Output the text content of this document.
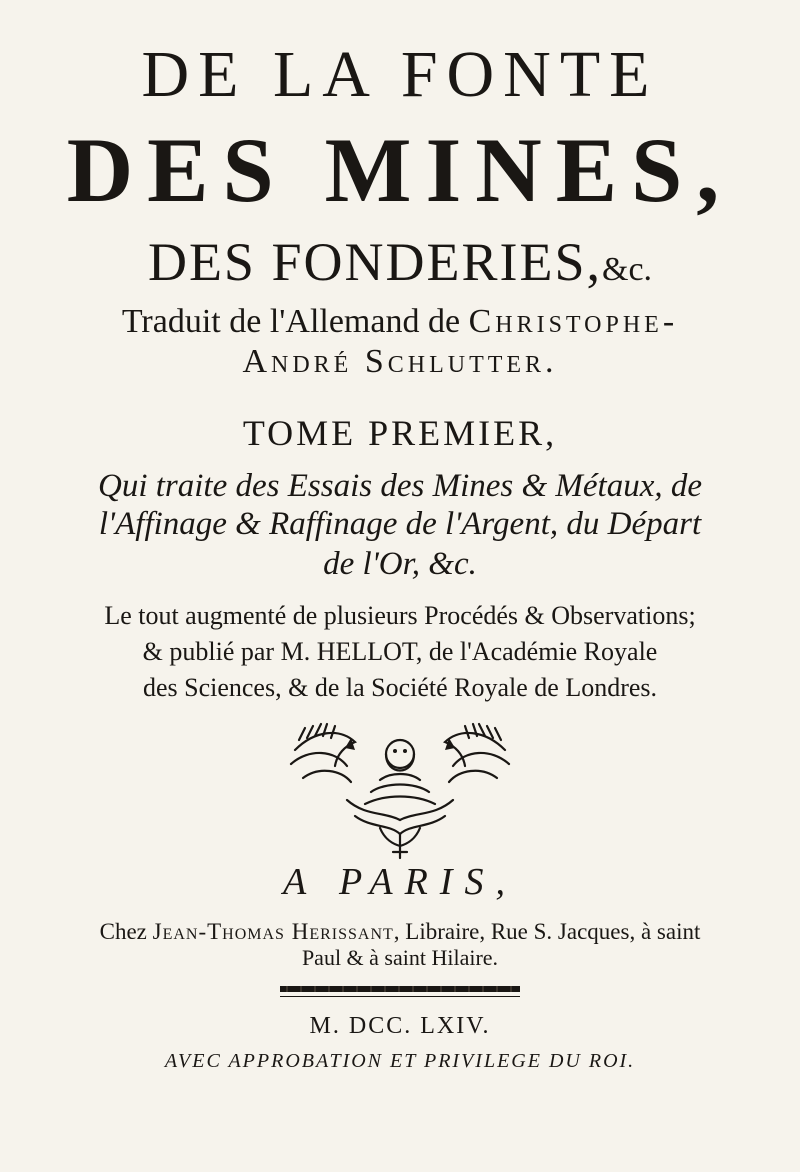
DE LA FONTE
DES MINES,
DES FONDERIES,&c.
Traduit de l'Allemand de Christophe-
André Schlutter.
TOME PREMIER,
Qui traite des Essais des Mines & Métaux, de
l'Affinage & Raffinage de l'Argent, du Départ
de l'Or, &c.
Le tout augmenté de plusieurs Procédés & Observations;
& publié par M. HELLOT, de l'Académie Royale
des Sciences, & de la Société Royale de Londres.
A PARIS,
Chez Jean-Thomas Herissant, Libraire, Rue S. Jacques, à saint
Paul & à saint Hilaire.
M. DCC. LXIV.
AVEC APPROBATION ET PRIVILEGE DU ROI.
